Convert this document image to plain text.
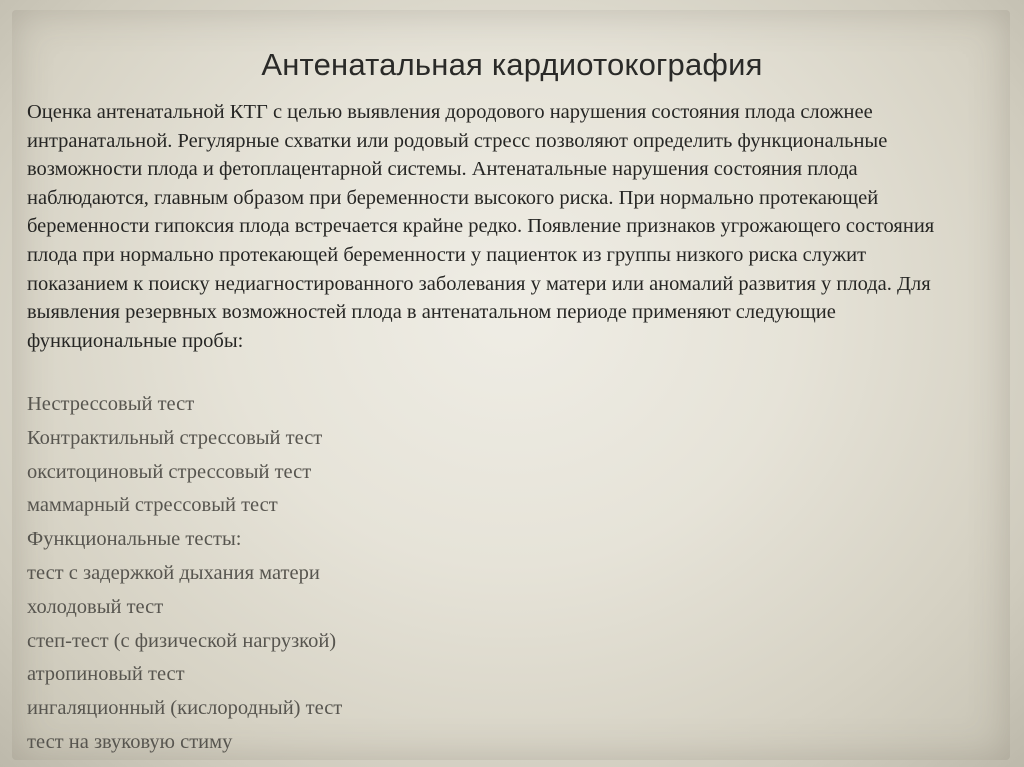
Антенатальная кардиотокография

Оценка антенатальной КТГ с целью выявления дородового нарушения состояния плода сложнее интранатальной. Регулярные схватки или родовый стресс позволяют определить функциональные возможности плода и фетоплацентарной системы. Антенатальные нарушения состояния плода наблюдаются, главным образом при беременности высокого риска. При нормально протекающей беременности гипоксия плода встречается крайне редко. Появление признаков угрожающего состояния плода при нормально протекающей беременности у пациенток из группы низкого риска служит показанием к поиску недиагностированного заболевания у матери или аномалий развития у плода. Для выявления резервных возможностей плода в антенатальном периоде применяют следующие функциональные пробы:

Нестрессовый тест
Контрактильный стрессовый тест
окситоциновый стрессовый тест
маммарный стрессовый тест
Функциональные тесты:
тест с задержкой дыхания матери
холодовый тест
степ-тест (с физической нагрузкой)
атропиновый тест
ингаляционный (кислородный) тест
тест на звуковую стиму
